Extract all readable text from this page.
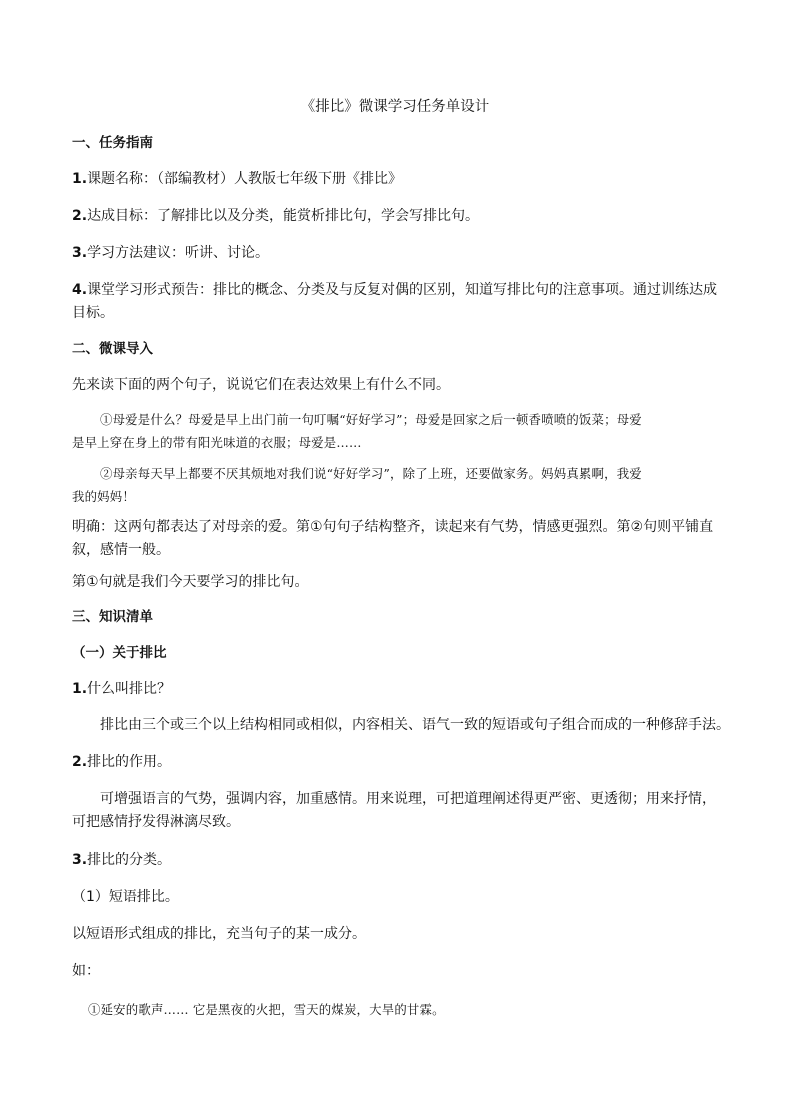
《排比》微课学习任务单设计
一、任务指南
1.课题名称：（部编教材）人教版七年级下册《排比》
2.达成目标：了解排比以及分类，能赏析排比句，学会写排比句。
3.学习方法建议：听讲、讨论。
4.课堂学习形式预告：排比的概念、分类及与反复对偶的区别，知道写排比句的注意事项。通过训练达成
目标。
二、微课导入
先来读下面的两个句子，说说它们在表达效果上有什么不同。
①母爱是什么？母爱是早上出门前一句叮嘱“好好学习”；母爱是回家之后一顿香喷喷的饭菜；母爱
是早上穿在身上的带有阳光味道的衣服；母爱是……
②母亲每天早上都要不厌其烦地对我们说“好好学习”，除了上班，还要做家务。妈妈真累啊，我爱
我的妈妈！
明确：这两句都表达了对母亲的爱。第①句句子结构整齐，读起来有气势，情感更强烈。第②句则平铺直
叙，感情一般。
第①句就是我们今天要学习的排比句。
三、知识清单
（一）关于排比
1.什么叫排比？
排比由三个或三个以上结构相同或相似，内容相关、语气一致的短语或句子组合而成的一种修辞手法。
2.排比的作用。
可增强语言的气势，强调内容，加重感情。用来说理，可把道理阐述得更严密、更透彻；用来抒情，
可把感情抒发得淋漓尽致。
3.排比的分类。
（1）短语排比。
以短语形式组成的排比，充当句子的某一成分。
如：
①延安的歌声…… 它是黑夜的火把，雪天的煤炭，大旱的甘霖。
